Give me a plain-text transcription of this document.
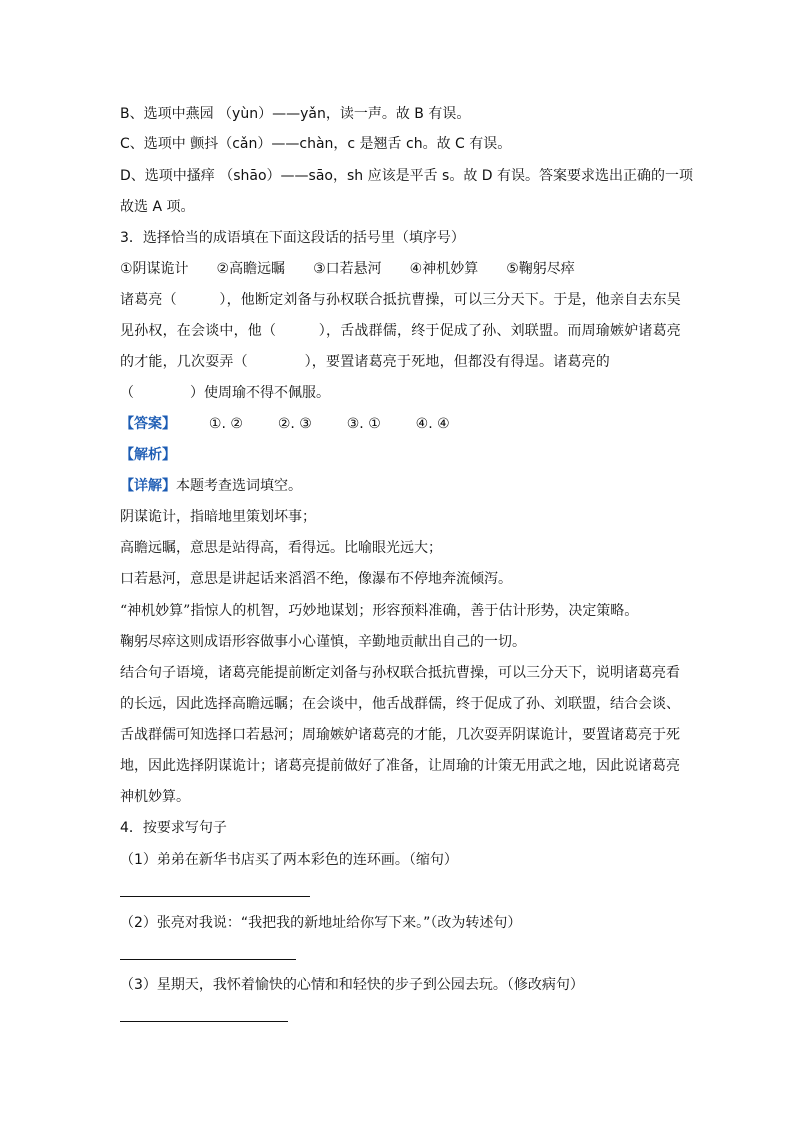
B、选项中燕园 （yùn）——yǎn，读一声。故 B 有误。
C、选项中 颤抖（cǎn）——chàn，c 是翘舌 ch。故 C 有误。
D、选项中搔痒 （shāo）——sāo，sh 应该是平舌 s。故 D 有误。答案要求选出正确的一项
故选 A 项。
3．选择恰当的成语填在下面这段话的括号里（填序号）
①阴谋诡计　　②高瞻远瞩　　③口若悬河　　④神机妙算　　⑤鞠躬尽瘁
诸葛亮（　　　），他断定刘备与孙权联合抵抗曹操，可以三分天下。于是，他亲自去东吴
见孙权，在会谈中，他（　　　），舌战群儒，终于促成了孙、刘联盟。而周瑜嫉妒诸葛亮
的才能，几次耍弄（　　　　），要置诸葛亮于死地，但都没有得逞。诸葛亮的
（　　　　）使周瑜不得不佩服。
【答案】 ①. ② ②. ③ ③. ① ④. ④
【解析】
【详解】本题考查选词填空。
阴谋诡计，指暗地里策划坏事；
高瞻远瞩，意思是站得高，看得远。比喻眼光远大；
口若悬河，意思是讲起话来滔滔不绝，像瀑布不停地奔流倾泻。
“神机妙算”指惊人的机智，巧妙地谋划；形容预料准确，善于估计形势，决定策略。
鞠躬尽瘁这则成语形容做事小心谨慎，辛勤地贡献出自己的一切。
结合句子语境，诸葛亮能提前断定刘备与孙权联合抵抗曹操，可以三分天下，说明诸葛亮看
的长远，因此选择高瞻远瞩；在会谈中，他舌战群儒，终于促成了孙、刘联盟，结合会谈、
舌战群儒可知选择口若悬河；周瑜嫉妒诸葛亮的才能，几次耍弄阴谋诡计，要置诸葛亮于死
地，因此选择阴谋诡计；诸葛亮提前做好了准备，让周瑜的计策无用武之地，因此说诸葛亮
神机妙算。
4．按要求写句子
（1）弟弟在新华书店买了两本彩色的连环画。（缩句）
（2）张亮对我说：“我把我的新地址给你写下来。”（改为转述句）
（3）星期天，我怀着愉快的心情和和轻快的步子到公园去玩。（修改病句）
